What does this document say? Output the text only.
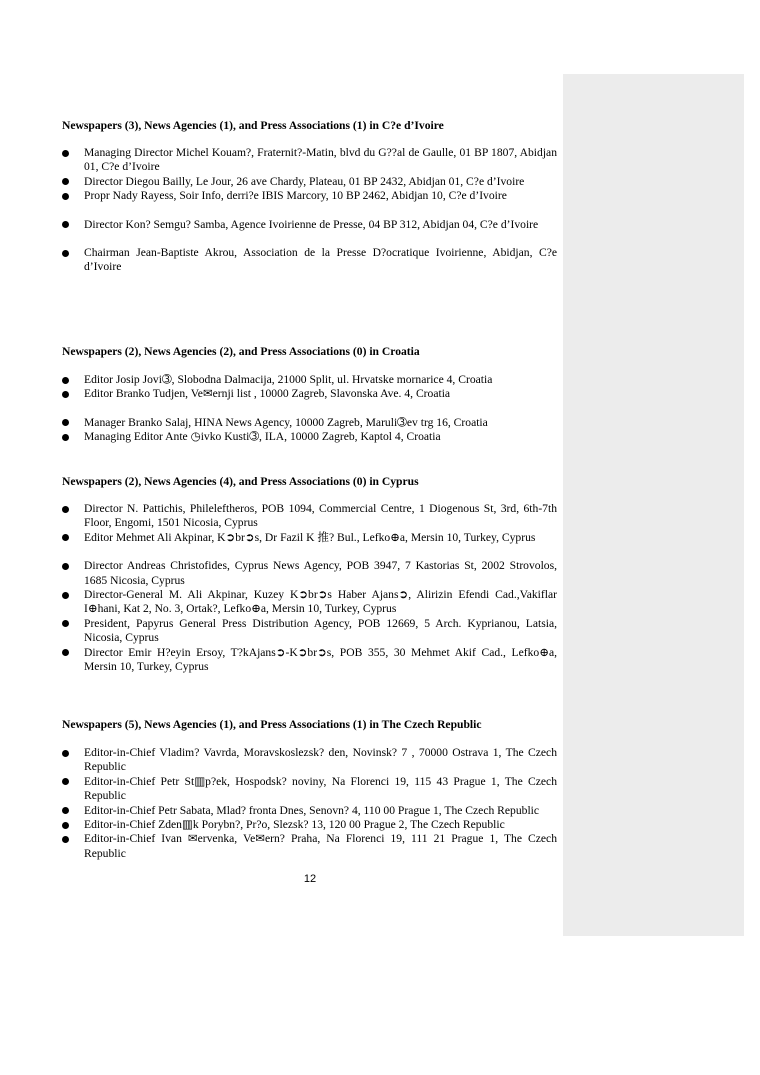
Newspapers (3), News Agencies (1), and Press Associations (1) in C?e d’Ivoire
Managing Director Michel Kouam?, Fraternit?-Matin, blvd du G??al de Gaulle, 01 BP 1807, Abidjan 01, C?e d’Ivoire
Director Diegou Bailly, Le Jour, 26 ave Chardy, Plateau, 01 BP 2432, Abidjan 01, C?e d’Ivoire
Propr Nady Rayess, Soir Info, derri?e IBIS Marcory, 10 BP 2462, Abidjan 10, C?e d’Ivoire
Director Kon? Semgu? Samba, Agence Ivoirienne de Presse, 04 BP 312, Abidjan 04, C?e d’Ivoire
Chairman Jean-Baptiste Akrou, Association de la Presse D?ocratique Ivoirienne, Abidjan, C?e d’Ivoire
Newspapers (2), News Agencies (2), and Press Associations (0) in Croatia
Editor Josip Jovi➂, Slobodna Dalmacija, 21000 Split, ul. Hrvatske mornarice 4, Croatia
Editor Branko Tudjen, Ve✉ernji list , 10000 Zagreb, Slavonska Ave. 4, Croatia
Manager Branko Salaj, HINA News Agency, 10000 Zagreb, Maruli➂ev trg 16, Croatia
Managing Editor Ante ◷ivko Kusti➂, ILA, 10000 Zagreb, Kaptol 4, Croatia
Newspapers (2), News Agencies (4), and Press Associations (0) in Cyprus
Director N. Pattichis, Phileleftheros, POB 1094, Commercial Centre, 1 Diogenous St, 3rd, 6th-7th Floor, Engomi, 1501 Nicosia, Cyprus
Editor Mehmet Ali Akpinar, K➲br➲s, Dr Fazil K 推? Bul., Lefko⊕a, Mersin 10, Turkey, Cyprus
Director Andreas Christofides, Cyprus News Agency, POB 3947, 7 Kastorias St, 2002 Strovolos, 1685 Nicosia, Cyprus
Director-General M. Ali Akpinar, Kuzey K➲br➲s Haber Ajans➲, Alirizin Efendi Cad.,Vakiflar I⊕hani, Kat 2, No. 3, Ortak?, Lefko⊕a, Mersin 10, Turkey, Cyprus
President, Papyrus General Press Distribution Agency, POB 12669, 5 Arch. Kyprianou, Latsia, Nicosia, Cyprus
Director Emir H?eyin Ersoy, T?kAjans➲-K➲br➲s, POB 355, 30 Mehmet Akif Cad., Lefko⊕a, Mersin 10, Turkey, Cyprus
Newspapers (5), News Agencies (1), and Press Associations (1) in The Czech Republic
Editor-in-Chief Vladim? Vavrda, Moravskoslezsk? den, Novinsk? 7 , 70000 Ostrava 1, The Czech Republic
Editor-in-Chief Petr St▥p?ek, Hospodsk? noviny, Na Florenci 19, 115 43 Prague 1, The Czech Republic
Editor-in-Chief Petr Sabata, Mlad? fronta Dnes, Senovn? 4, 110 00 Prague 1, The Czech Republic
Editor-in-Chief Zden▥k Porybn?, Pr?o, Slezsk? 13, 120 00 Prague 2, The Czech Republic
Editor-in-Chief Ivan ✉ervenka, Ve✉ern? Praha, Na Florenci 19, 111 21 Prague 1, The Czech Republic
12
